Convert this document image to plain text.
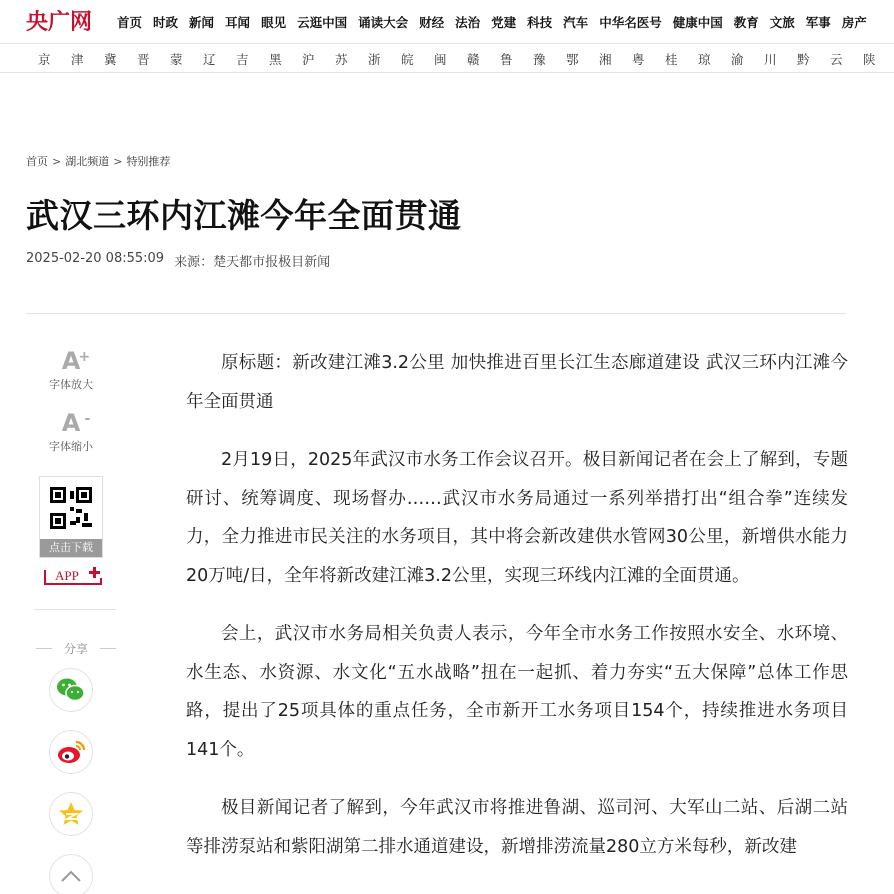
央广网 首页 时政 新闻 耳闻 眼见 云逛中国 诵读大会 财经 法治 党建 科技 汽车 中华名医号 健康中国 教育 文旅 军事 房产
京	津	冀	晋	蒙	辽	吉	黑	沪	苏	浙	皖	闽	赣	鲁	豫	鄂	湘	粤	桂	琼	渝	川	黔	云	陕
首页 > 湖北频道 > 特别推荐
武汉三环内江滩今年全面贯通
2025-02-20 08:55:09 来源：楚天都市报极目新闻
A
+
字体放大
A -
字体缩小
点击下载
APP
分享

原标题：新改建江滩3.2公里 加快推进百里长江生态廊道建设 武汉三环内江滩今年全面贯通

2月19日，2025年武汉市水务工作会议召开。极目新闻记者在会上了解到，专题研讨、统筹调度、现场督办……武汉市水务局通过一系列举措打出“组合拳”连续发力，全力推进市民关注的水务项目，其中将会新改建供水管网30公里，新增供水能力20万吨/日，全年将新改建江滩3.2公里，实现三环线内江滩的全面贯通。

会上，武汉市水务局相关负责人表示，今年全市水务工作按照水安全、水环境、水生态、水资源、水文化“五水战略”扭在一起抓、着力夯实“五大保障”总体工作思路，提出了25项具体的重点任务，全市新开工水务项目154个，持续推进水务项目141个。

极目新闻记者了解到，今年武汉市将推进鲁湖、巡司河、大军山二站、后湖二站等排涝泵站和紫阳湖第二排水通道建设，新增排涝流量280立方米每秒，新改建
